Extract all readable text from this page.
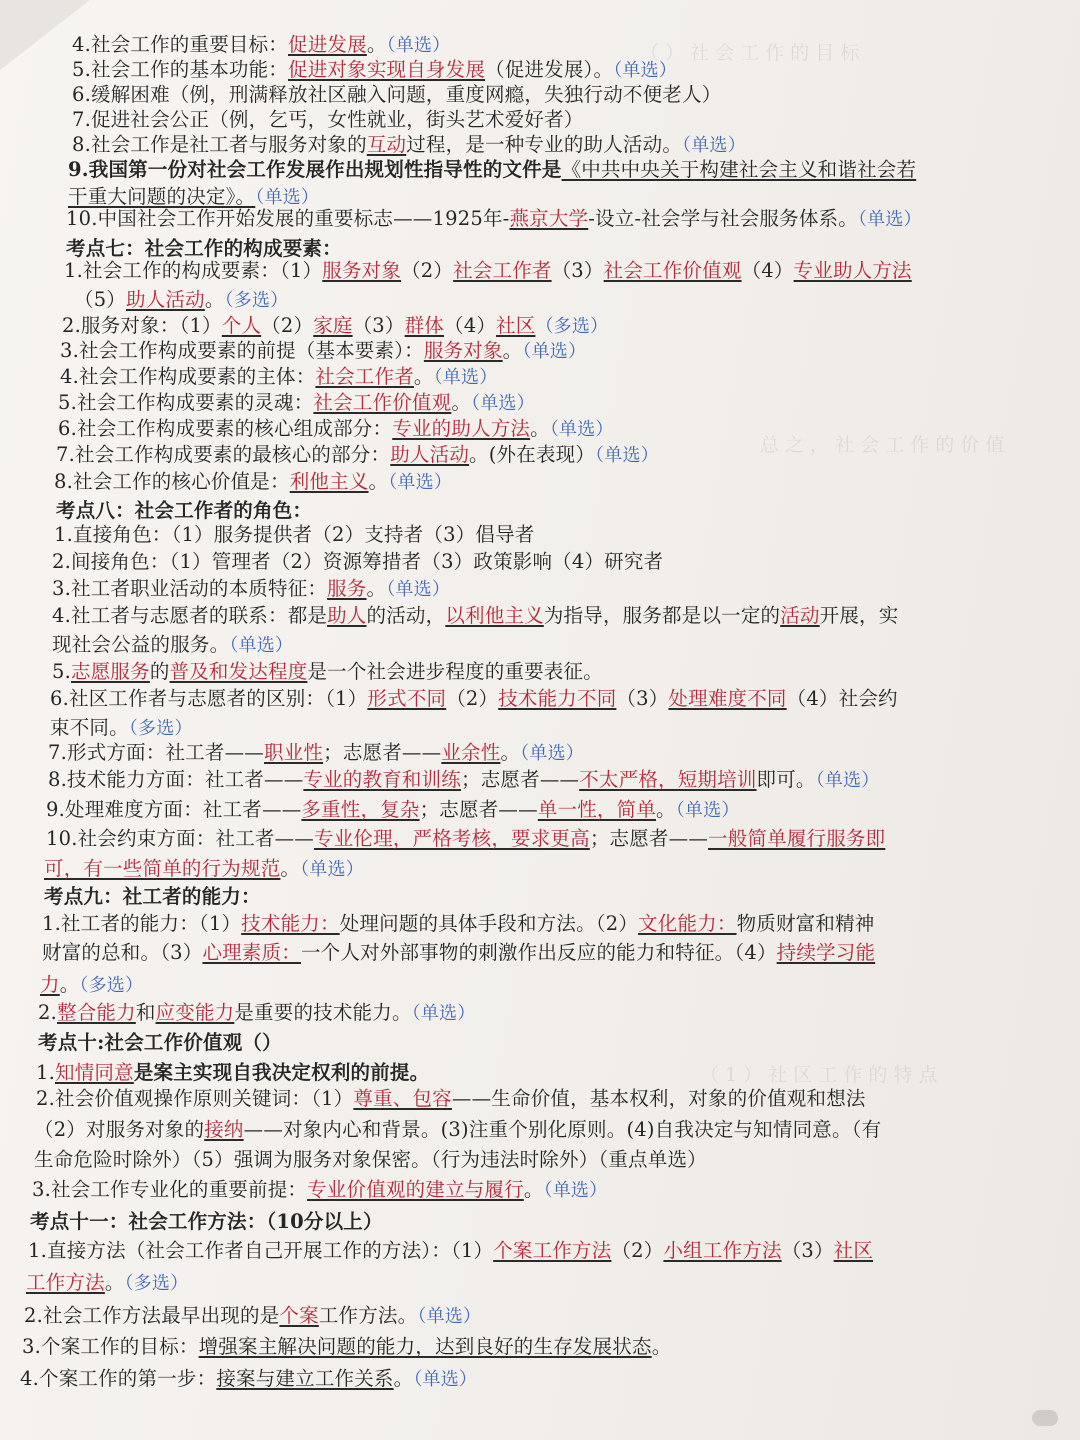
（ ） 社 会 工 作 的 目 标
总 之 ， 社 会 工 作 的 价 值
（ 1 ） 社 区 工 作 的 特 点
4.社会工作的重要目标：促进发展。（单选）
5.社会工作的基本功能：促进对象实现自身发展（促进发展）。（单选）
6.缓解困难（例，刑满释放社区融入问题，重度网瘾，失独行动不便老人）
7.促进社会公正（例，乞丐，女性就业，街头艺术爱好者）
8.社会工作是社工者与服务对象的互动过程，是一种专业的助人活动。（单选）
9.我国第一份对社会工作发展作出规划性指导性的文件是《中共中央关于构建社会主义和谐社会若
干重大问题的决定》。（单选）
10.中国社会工作开始发展的重要标志——1925年-燕京大学-设立-社会学与社会服务体系。（单选）
考点七：社会工作的构成要素：
1.社会工作的构成要素：（1）服务对象（2）社会工作者（3）社会工作价值观（4）专业助人方法
（5）助人活动。（多选）
2.服务对象：（1）个人（2）家庭（3）群体（4）社区（多选）
3.社会工作构成要素的前提（基本要素）：服务对象。（单选）
4.社会工作构成要素的主体：社会工作者。（单选）
5.社会工作构成要素的灵魂：社会工作价值观。（单选）
6.社会工作构成要素的核心组成部分：专业的助人方法。（单选）
7.社会工作构成要素的最核心的部分：助人活动。(外在表现）（单选）
8.社会工作的核心价值是：利他主义。（单选）
考点八：社会工作者的角色：
1.直接角色：（1）服务提供者（2）支持者（3）倡导者
2.间接角色：（1）管理者（2）资源筹措者（3）政策影响（4）研究者
3.社工者职业活动的本质特征：服务。（单选）
4.社工者与志愿者的联系：都是助人的活动，以利他主义为指导，服务都是以一定的活动开展，实
现社会公益的服务。（单选）
5.志愿服务的普及和发达程度是一个社会进步程度的重要表征。
6.社区工作者与志愿者的区别：（1）形式不同（2）技术能力不同（3）处理难度不同（4）社会约
束不同。（多选）
7.形式方面：社工者——职业性；志愿者——业余性。（单选）
8.技术能力方面：社工者——专业的教育和训练；志愿者——不太严格，短期培训即可。（单选）
9.处理难度方面：社工者——多重性，复杂；志愿者——单一性，简单。（单选）
10.社会约束方面：社工者——专业伦理，严格考核，要求更高；志愿者——一般简单履行服务即
可，有一些简单的行为规范。（单选）
考点九：社工者的能力：
1.社工者的能力：（1）技术能力：处理问题的具体手段和方法。（2）文化能力：物质财富和精神
财富的总和。（3）心理素质：一个人对外部事物的刺激作出反应的能力和特征。（4）持续学习能
力。（多选）
2.整合能力和应变能力是重要的技术能力。（单选）
考点十:社会工作价值观（）
1.知情同意是案主实现自我决定权利的前提。
2.社会价值观操作原则关键词：（1）尊重、包容——生命价值，基本权利，对象的价值观和想法
（2）对服务对象的接纳——对象内心和背景。(3)注重个别化原则。(4)自我决定与知情同意。（有
生命危险时除外）（5）强调为服务对象保密。（行为违法时除外）（重点单选）
3.社会工作专业化的重要前提：专业价值观的建立与履行。（单选）
考点十一：社会工作方法：（10分以上）
1.直接方法（社会工作者自己开展工作的方法）：（1）个案工作方法（2）小组工作方法（3）社区
工作方法。（多选）
2.社会工作方法最早出现的是个案工作方法。（单选）
3.个案工作的目标：增强案主解决问题的能力，达到良好的生存发展状态。
4.个案工作的第一步：接案与建立工作关系。（单选）
